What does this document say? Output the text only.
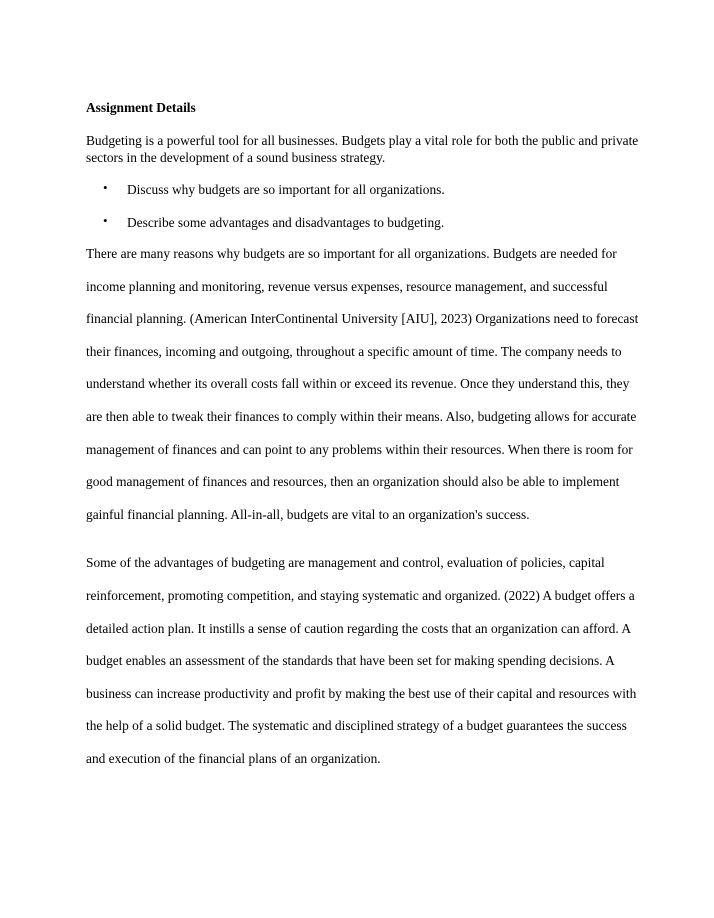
Assignment Details

Budgeting is a powerful tool for all businesses. Budgets play a vital role for both the public and private sectors in the development of a sound business strategy.

• Discuss why budgets are so important for all organizations.
• Describe some advantages and disadvantages to budgeting.

There are many reasons why budgets are so important for all organizations. Budgets are needed for income planning and monitoring, revenue versus expenses, resource management, and successful financial planning. (American InterContinental University [AIU], 2023) Organizations need to forecast their finances, incoming and outgoing, throughout a specific amount of time. The company needs to understand whether its overall costs fall within or exceed its revenue. Once they understand this, they are then able to tweak their finances to comply within their means. Also, budgeting allows for accurate management of finances and can point to any problems within their resources. When there is room for good management of finances and resources, then an organization should also be able to implement gainful financial planning. All-in-all, budgets are vital to an organization's success.

Some of the advantages of budgeting are management and control, evaluation of policies, capital reinforcement, promoting competition, and staying systematic and organized. (2022) A budget offers a detailed action plan. It instills a sense of caution regarding the costs that an organization can afford. A budget enables an assessment of the standards that have been set for making spending decisions. A business can increase productivity and profit by making the best use of their capital and resources with the help of a solid budget. The systematic and disciplined strategy of a budget guarantees the success and execution of the financial plans of an organization.
